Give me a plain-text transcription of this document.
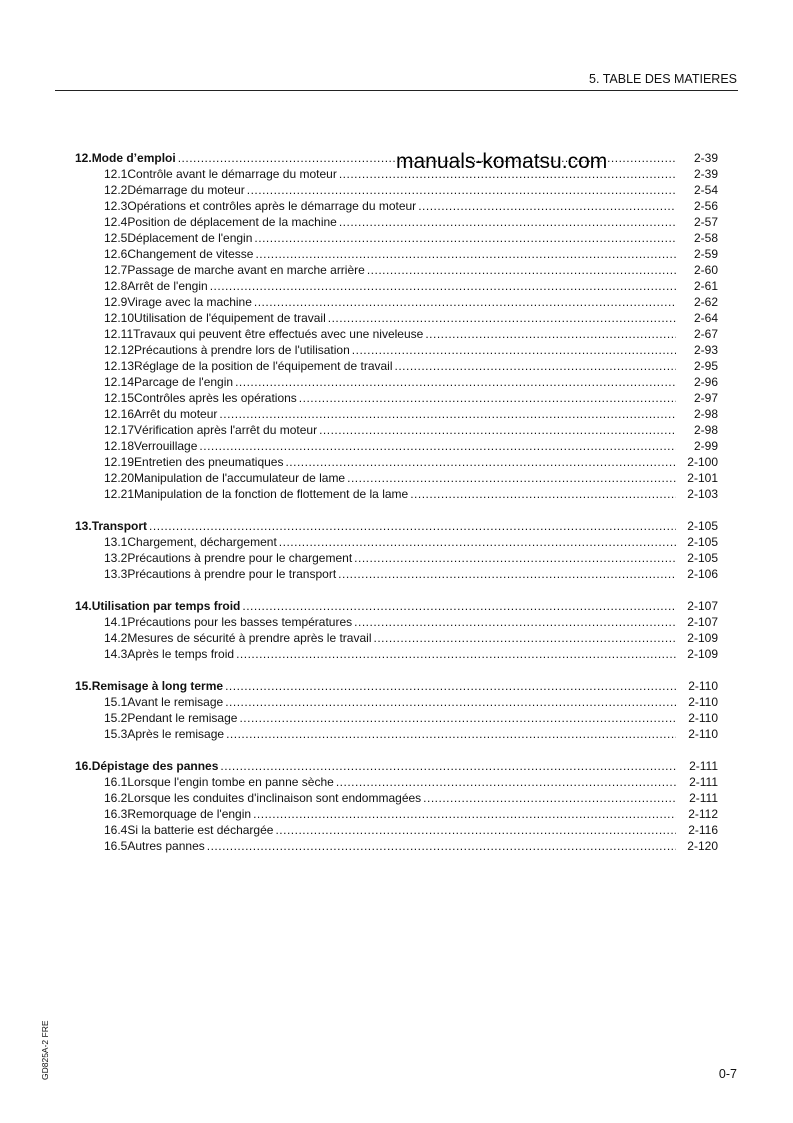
5. TABLE DES MATIERES
12. Mode d’emploi .....	2-39
12.1 Contrôle avant le démarrage du moteur .....	2-39
12.2 Démarrage du moteur .....	2-54
12.3 Opérations et contrôles après le démarrage du moteur .....	2-56
12.4 Position de déplacement de la machine .....	2-57
12.5 Déplacement de l'engin .....	2-58
12.6 Changement de vitesse .....	2-59
12.7 Passage de marche avant en marche arrière .....	2-60
12.8 Arrêt de l'engin .....	2-61
12.9 Virage avec la machine .....	2-62
12.10 Utilisation de l'équipement de travail .....	2-64
12.11 Travaux qui peuvent être effectués avec une niveleuse .....	2-67
12.12 Précautions à prendre lors de l'utilisation .....	2-93
12.13 Réglage de la position de l'équipement de travail .....	2-95
12.14 Parcage de l'engin .....	2-96
12.15 Contrôles après les opérations .....	2-97
12.16 Arrêt du moteur .....	2-98
12.17 Vérification après l'arrêt du moteur .....	2-98
12.18 Verrouillage .....	2-99
12.19 Entretien des pneumatiques .....	2-100
12.20 Manipulation de l'accumulateur de lame .....	2-101
12.21 Manipulation de la fonction de flottement de la lame .....	2-103
13. Transport .....	2-105
13.1 Chargement, déchargement .....	2-105
13.2 Précautions à prendre pour le chargement .....	2-105
13.3 Précautions à prendre pour le transport .....	2-106
14. Utilisation par temps froid .....	2-107
14.1 Précautions pour les basses températures .....	2-107
14.2 Mesures de sécurité à prendre après le travail .....	2-109
14.3 Après le temps froid .....	2-109
15. Remisage à long terme .....	2-110
15.1 Avant le remisage .....	2-110
15.2 Pendant le remisage .....	2-110
15.3 Après le remisage .....	2-110
16. Dépistage des pannes .....	2-111
16.1 Lorsque l'engin tombe en panne sèche .....	2-111
16.2 Lorsque les conduites d'inclinaison sont endommagées .....	2-111
16.3 Remorquage de l'engin .....	2-112
16.4 Si la batterie est déchargée .....	2-116
16.5 Autres pannes .....	2-120
manuals-komatsu.com
0-7
GD825A-2 FRE
